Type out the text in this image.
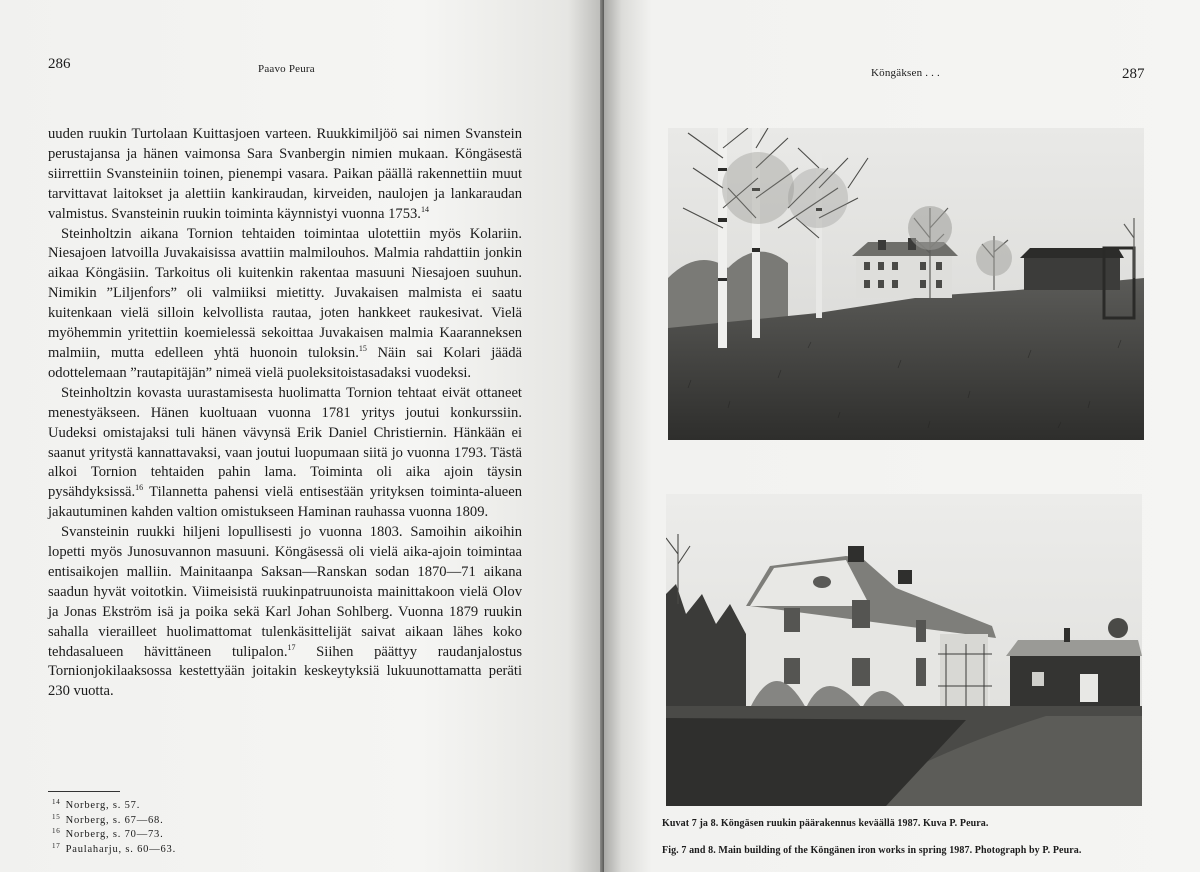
286	Paavo Peura

uuden ruukin Turtolaan Kuittasjoen varteen. Ruukkimiljöö sai nimen Svanstein perustajansa ja hänen vaimonsa Sara Svanbergin nimien mukaan. Köngäsestä siirrettiin Svansteiniin toinen, pienempi vasara. Paikan päällä rakennettiin muut tarvittavat laitokset ja alettiin kankiraudan, kirveiden, naulojen ja lankaraudan valmistus. Svansteinin ruukin toiminta käynnistyi vuonna 1753.14

Steinholtzin aikana Tornion tehtaiden toimintaa ulotettiin myös Kolariin. Niesajoen latvoilla Juvakaisissa avattiin malmilouhos. Malmia rahdattiin jonkin aikaa Köngäsiin. Tarkoitus oli kuitenkin rakentaa masuuni Niesajoen suuhun. Nimikin ”Liljenfors” oli valmiiksi mietitty. Juvakaisen malmista ei saatu kuitenkaan vielä silloin kelvollista rautaa, joten hankkeet raukesivat. Vielä myöhemmin yritettiin koemielessä sekoittaa Juvakaisen malmia Kaaranneksen malmiin, mutta edelleen yhtä huonoin tuloksin.$^{15}$ Näin sai Kolari jäädä odottelemaan ”rautapitäjän” nimeä vielä puoleksitoistasadaksi vuodeksi.

Steinholtzin kovasta uurastamisesta huolimatta Tornion tehtaat eivät ottaneet menestyäkseen. Hänen kuoltuaan vuonna 1781 yritys joutui konkurssiin. Uudeksi omistajaksi tuli hänen vävynsä Erik Daniel Christiernin. Hänkään ei saanut yritystä kannattavaksi, vaan joutui luopumaan siitä jo vuonna 1793. Tästä alkoi Tornion tehtaiden pahin lama. Toiminta oli aika ajoin täysin pysähdyksissä.$^{16}$ Tilannetta pahensi vielä entisestään yrityksen toiminta-alueen jakautuminen kahden valtion omistukseen Haminan rauhassa vuonna 1809.

Svansteinin ruukki hiljeni lopullisesti jo vuonna 1803. Samoihin aikoihin lopetti myös Junosuvannon masuuni. Köngäsessä oli vielä aika-ajoin toimintaa entisaikojen malliin. Mainitaanpa Saksan—Ranskan sodan 1870—71 aikana saadun hyvät voitotkin. Viimeisistä ruukinpatruunoista mainittakoon vielä Olov ja Jonas Ekström isä ja poika sekä Karl Johan Sohlberg. Vuonna 1879 ruukin sahalla vierailleet huolimattomat tulenkäsittelijät saivat aikaan lähes koko tehdasalueen hävittäneen tulipalon.$^{17}$ Siihen päättyy raudanjalostus Tornionjokilaaksossa kestettyään joitakin keskeytyksiä lukuunottamatta peräti 230 vuotta.

$^{14}$ Norberg, s. 57.
$^{15}$ Norberg, s. 67—68.
$^{16}$ Norberg, s. 70—73.
$^{17}$ Paulaharju, s. 60—63.
Köngäksen . . .	287
Kuvat 7 ja 8. Köngäsen ruukin päärakennus keväällä 1987. Kuva P. Peura.
Fig. 7 and 8. Main building of the Köngänen iron works in spring 1987. Photograph by P. Peura.
